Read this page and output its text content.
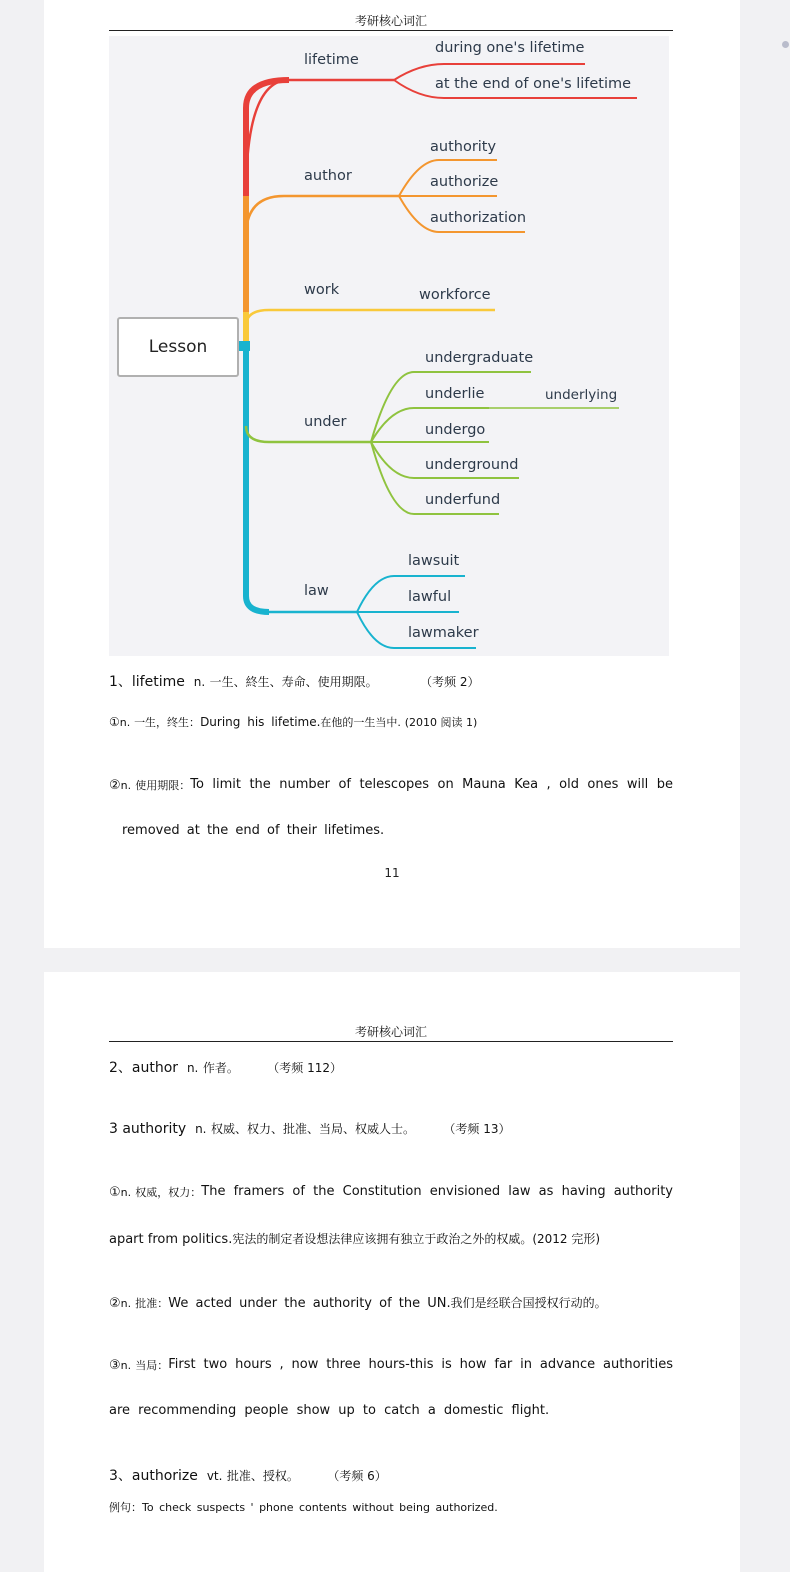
考研核心词汇
Lesson
lifetime
during one's lifetime
at the end of one's lifetime
author
authority
authorize
authorization
work	workforce
under
undergraduate
underlie	underlying
undergo
underground
underfund
law
lawsuit
lawful
lawmaker
1、lifetime n. 一生、終生、寿命、使用期限。	（考频 2）
①n. 一生，终生：During his lifetime.在他的一生当中. (2010 阅读 1)
②n. 使用期限： To limit the number of telescopes on Mauna Kea , old ones will be
removed at the end of their lifetimes.
11
考研核心词汇
2、author n. 作者。 （考频 112）
3 authority n. 权威、权力、批准、当局、权威人士。 （考频 13）
①n. 权威，权力： The framers of the Constitution envisioned law as having authority
apart from politics.宪法的制定者设想法律应该拥有独立于政治之外的权威。(2012 完形)
②n. 批准：We acted under the authority of the UN.我们是经联合国授权行动的。
③n. 当局： First two hours , now three hours-this is how far in advance authorities
are recommending people show up to catch a domestic flight.
3、authorize vt. 批准、授权。 （考频 6）
例句：To check suspects ' phone contents without being authorized.
